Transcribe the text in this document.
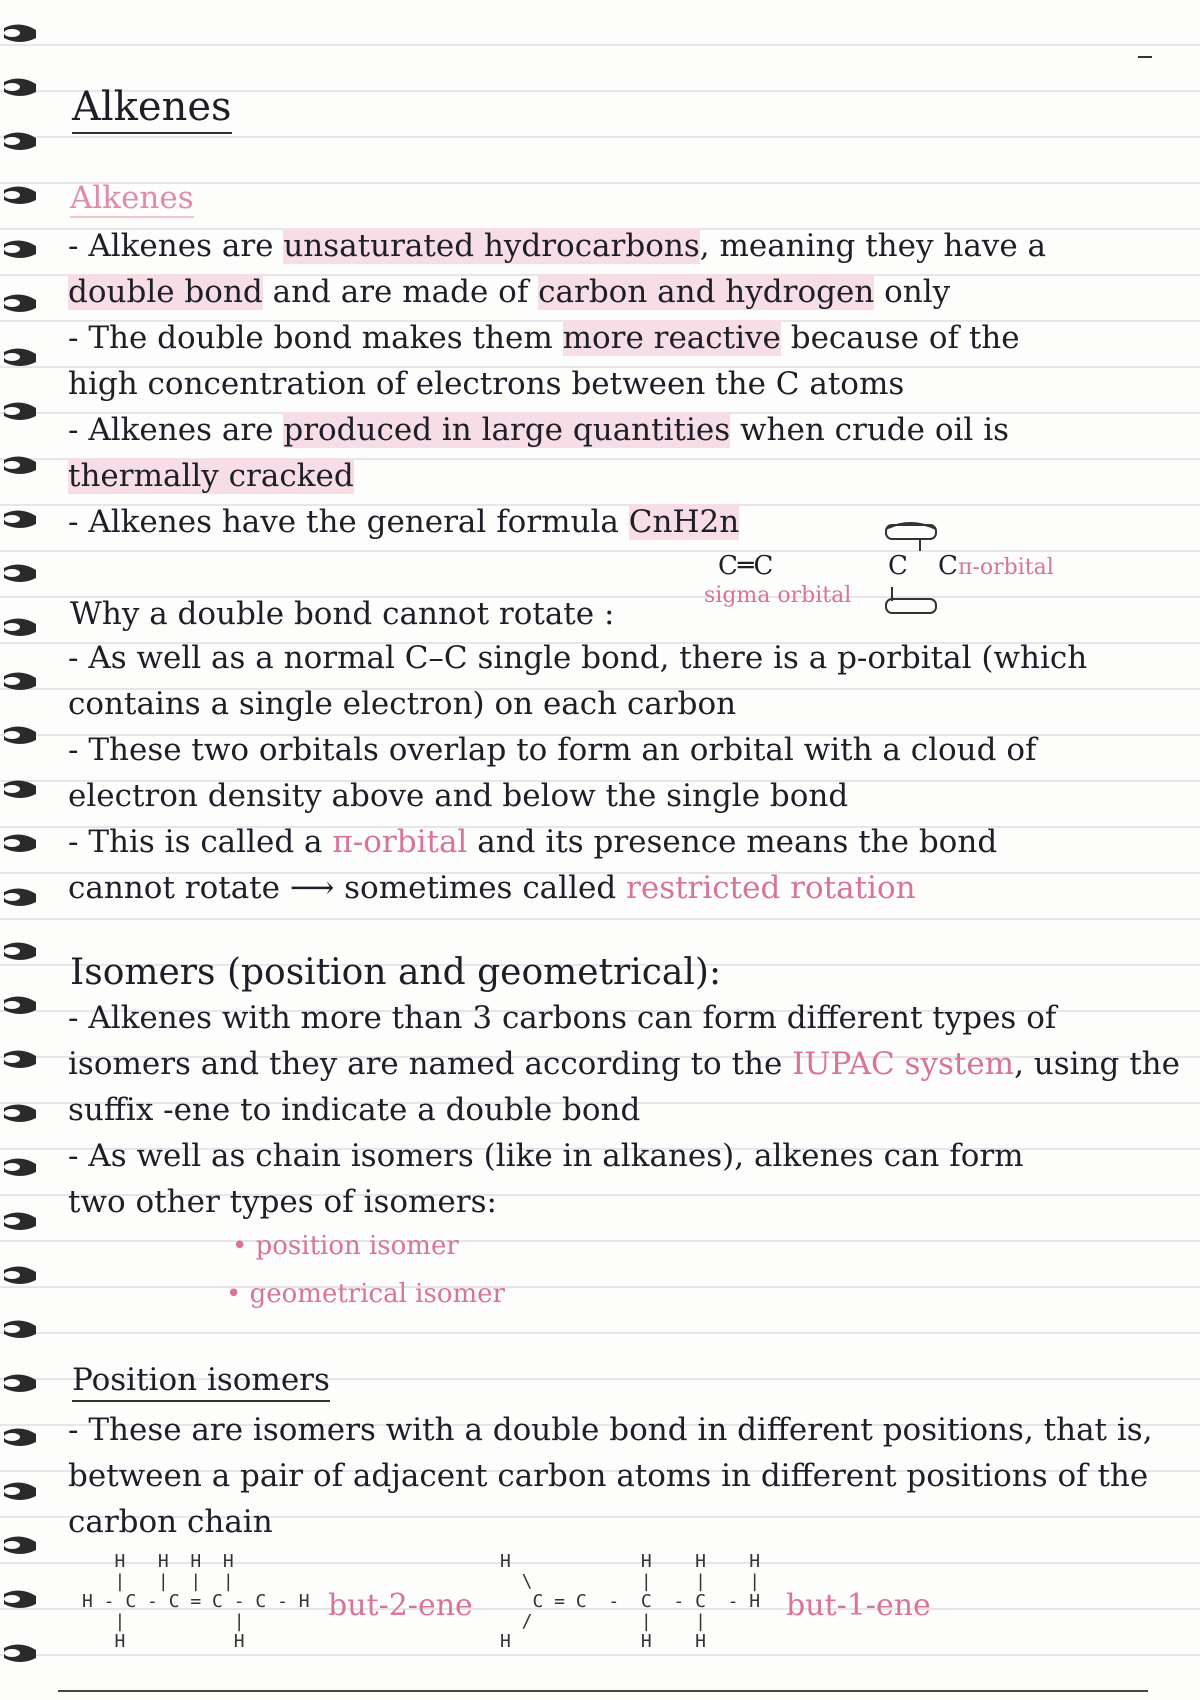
Alkenes
Alkenes
- Alkenes are unsaturated hydrocarbons, meaning they have a
double bond and are made of carbon and hydrogen only
- The double bond makes them more reactive because of the
high concentration of electrons between the C atoms
- Alkenes are produced in large quantities when crude oil is
thermally cracked
- Alkenes have the general formula CnH2n
C═C
sigma orbital
C C π-orbital
Why a double bond cannot rotate :
- As well as a normal C–C single bond, there is a p-orbital (which
contains a single electron) on each carbon
- These two orbitals overlap to form an orbital with a cloud of
electron density above and below the single bond
- This is called a π-orbital and its presence means the bond
cannot rotate ⟶ sometimes called restricted rotation
Isomers (position and geometrical):
- Alkenes with more than 3 carbons can form different types of
isomers and they are named according to the IUPAC system, using the
suffix -ene to indicate a double bond
- As well as chain isomers (like in alkanes), alkenes can form
two other types of isomers:
• position isomer
• geometrical isomer
Position isomers
- These are isomers with a double bond in different positions, that is,
between a pair of adjacent carbon atoms in different positions of the
carbon chain
H   H  H  H
|   |  |  |
H - C - C = C - C - H
|          |
H          H
but-2-ene
H            H    H    H
\          |    |    |
C = C  -  C  - C  - H
/          |    |
H            H    H
but-1-ene
